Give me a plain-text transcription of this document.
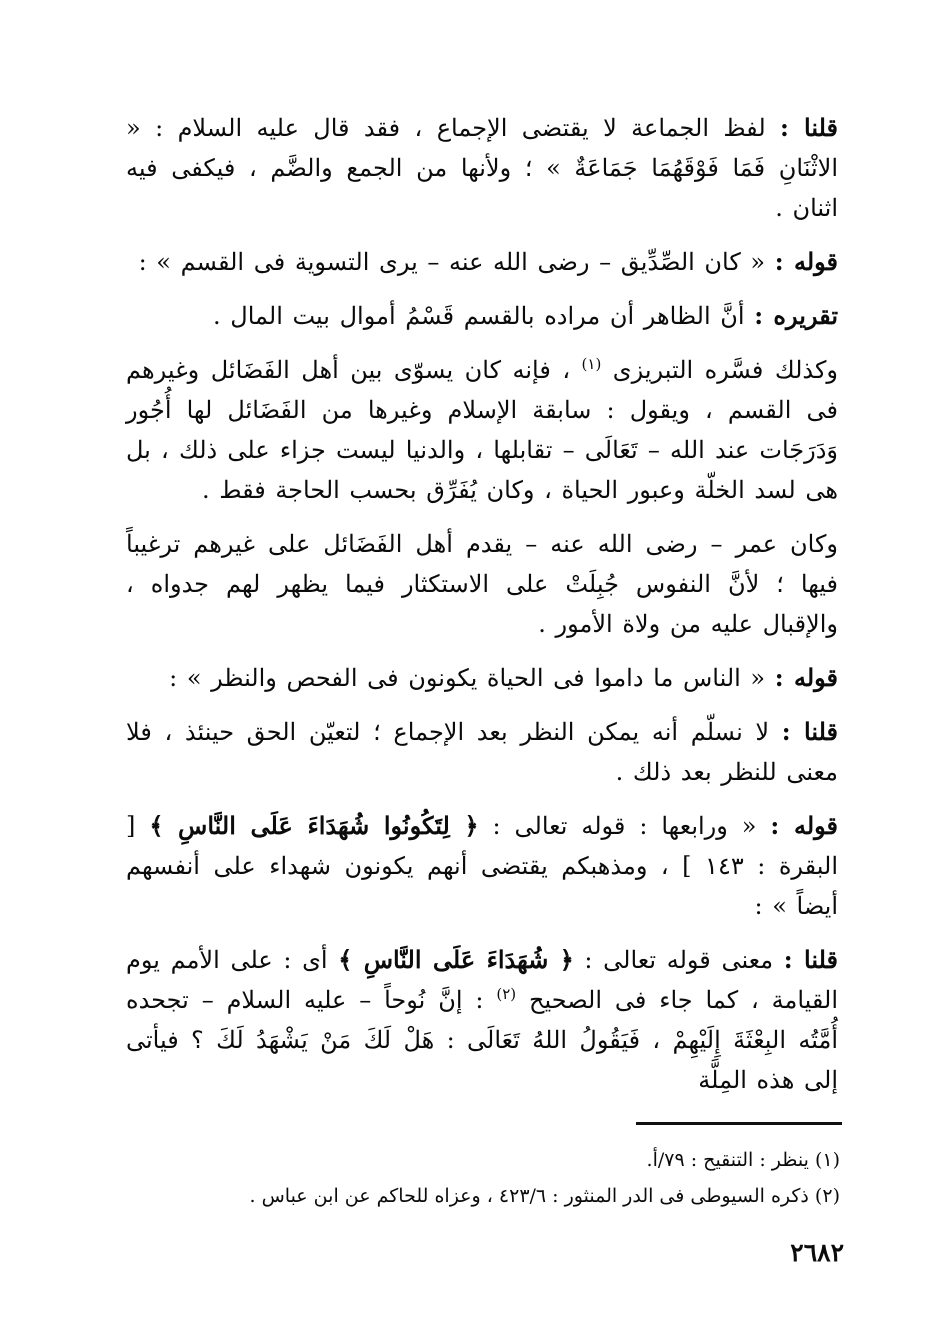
قلنا : لفظ الجماعة لا يقتضى الإجماع ، فقد قال عليه السلام : « الاثْنَانِ فَمَا فَوْقَهُمَا جَمَاعَةٌ » ؛ ولأنها من الجمع والضَّم ، فيكفى فيه اثنان .

قوله : « كان الصِّدِّيق – رضى الله عنه – يرى التسوية فى القسم » :

تقريره : أنَّ الظاهر أن مراده بالقسم قَسْمُ أموال بيت المال .

وكذلك فسَّره التبريزى $^{(١)}$ ، فإنه كان يسوّى بين أهل الفَضَائل وغيرهم فى القسم ، ويقول : سابقة الإسلام وغيرها من الفَضَائل لها أُجُور وَدَرَجَات عند الله – تَعَالَى – تقابلها ، والدنيا ليست جزاء على ذلك ، بل هى لسد الخلّة وعبور الحياة ، وكان يُفَرِّق بحسب الحاجة فقط .

وكان عمر – رضى الله عنه – يقدم أهل الفَضَائل على غيرهم ترغيباً فيها ؛ لأنَّ النفوس جُبِلَتْ على الاستكثار فيما يظهر لهم جدواه ، والإقبال عليه من ولاة الأمور .

قوله : « الناس ما داموا فى الحياة يكونون فى الفحص والنظر » :

قلنا : لا نسلّم أنه يمكن النظر بعد الإجماع ؛ لتعيّن الحق حينئذ ، فلا معنى للنظر بعد ذلك .

قوله : « ورابعها : قوله تعالى : ﴿ لِتَكُونُوا شُهَدَاءَ عَلَى النَّاسِ ﴾ [ البقرة : ١٤٣ ] ، ومذهبكم يقتضى أنهم يكونون شهداء على أنفسهم أيضاً » :

قلنا : معنى قوله تعالى : ﴿ شُهَدَاءَ عَلَى النَّاسِ ﴾ أى : على الأمم يوم القيامة ، كما جاء فى الصحيح $^{(٢)}$ : إنَّ نُوحاً – عليه السلام – تجحده أُمَّتُه البِعْثَةَ إِلَيْهِمْ ، فَيَقُولُ اللهُ تَعَالَى : هَلْ لَكَ مَنْ يَشْهَدُ لَكَ ؟ فيأتى إلى هذه المِلَّة

(١) ينظر : التنقيح : ٧٩/أ.

(٢) ذكره السيوطى فى الدر المنثور : ٤٢٣/٦ ، وعزاه للحاكم عن ابن عباس .

٢٦٨٢
